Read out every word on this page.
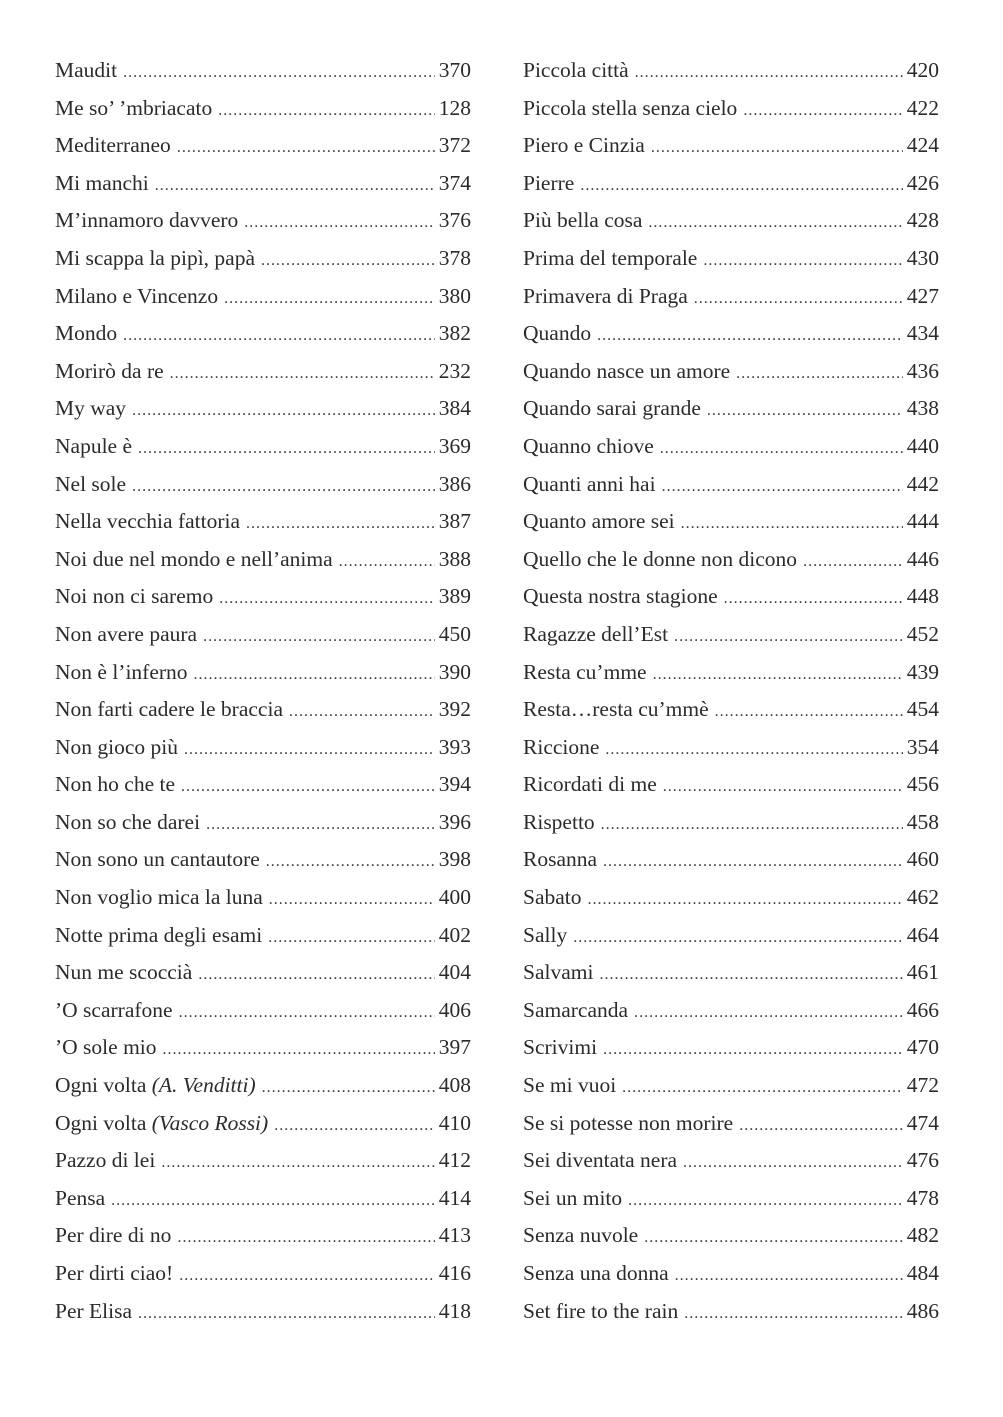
Maudit .....	370
Me so’ ’mbriacato .....	128
Mediterraneo .....	372
Mi manchi .....	374
M’innamoro davvero .....	376
Mi scappa la pipì, papà .....	378
Milano e Vincenzo .....	380
Mondo .....	382
Morirò da re .....	232
My way .....	384
Napule è .....	369
Nel sole .....	386
Nella vecchia fattoria .....	387
Noi due nel mondo e nell’anima .....	388
Noi non ci saremo .....	389
Non avere paura .....	450
Non è l’inferno .....	390
Non farti cadere le braccia .....	392
Non gioco più .....	393
Non ho che te .....	394
Non so che darei .....	396
Non sono un cantautore .....	398
Non voglio mica la luna .....	400
Notte prima degli esami .....	402
Nun me scoccià .....	404
’O scarrafone .....	406
’O sole mio .....	397
Ogni volta (A. Venditti) .....	408
Ogni volta (Vasco Rossi) .....	410
Pazzo di lei .....	412
Pensa .....	414
Per dire di no .....	413
Per dirti ciao! .....	416
Per Elisa .....	418
Piccola città .....	420
Piccola stella senza cielo .....	422
Piero e Cinzia .....	424
Pierre .....	426
Più bella cosa .....	428
Prima del temporale .....	430
Primavera di Praga .....	427
Quando .....	434
Quando nasce un amore .....	436
Quando sarai grande .....	438
Quanno chiove .....	440
Quanti anni hai .....	442
Quanto amore sei .....	444
Quello che le donne non dicono .....	446
Questa nostra stagione .....	448
Ragazze dell’Est .....	452
Resta cu’mme .....	439
Resta…resta cu’mmè .....	454
Riccione .....	354
Ricordati di me .....	456
Rispetto .....	458
Rosanna .....	460
Sabato .....	462
Sally .....	464
Salvami .....	461
Samarcanda .....	466
Scrivimi .....	470
Se mi vuoi .....	472
Se si potesse non morire .....	474
Sei diventata nera .....	476
Sei un mito .....	478
Senza nuvole .....	482
Senza una donna .....	484
Set fire to the rain .....	486
